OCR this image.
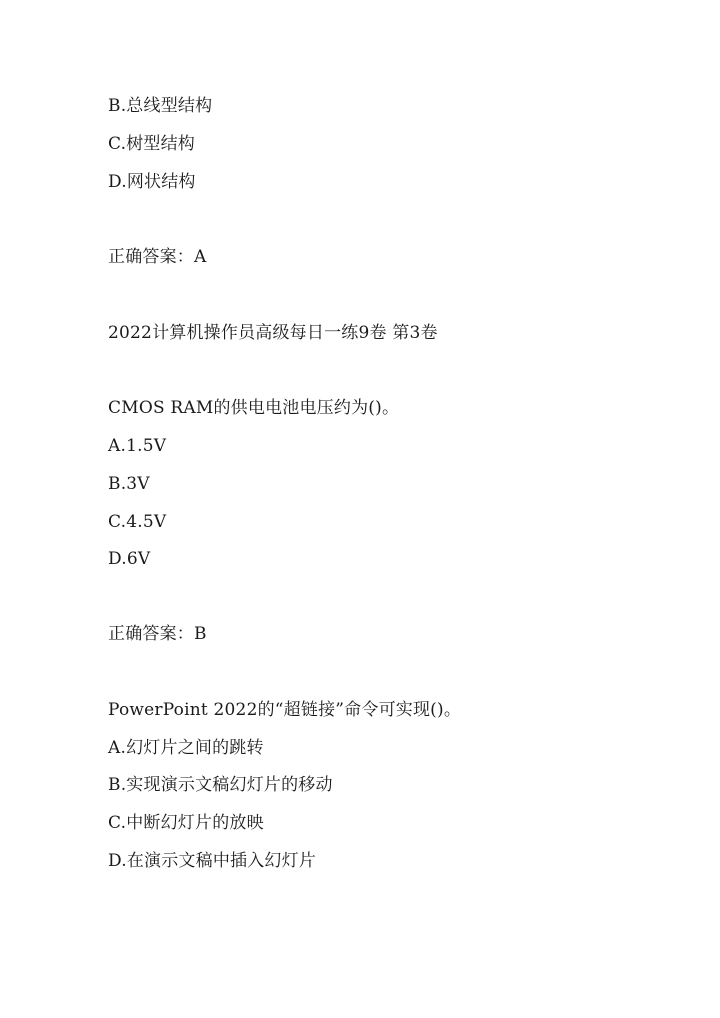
B.总线型结构
C.树型结构
D.网状结构
正确答案：A
2022计算机操作员高级每日一练9卷 第3卷
CMOS RAM的供电电池电压约为()。
A.1.5V
B.3V
C.4.5V
D.6V
正确答案：B
PowerPoint 2022的“超链接”命令可实现()。
A.幻灯片之间的跳转
B.实现演示文稿幻灯片的移动
C.中断幻灯片的放映
D.在演示文稿中插入幻灯片
